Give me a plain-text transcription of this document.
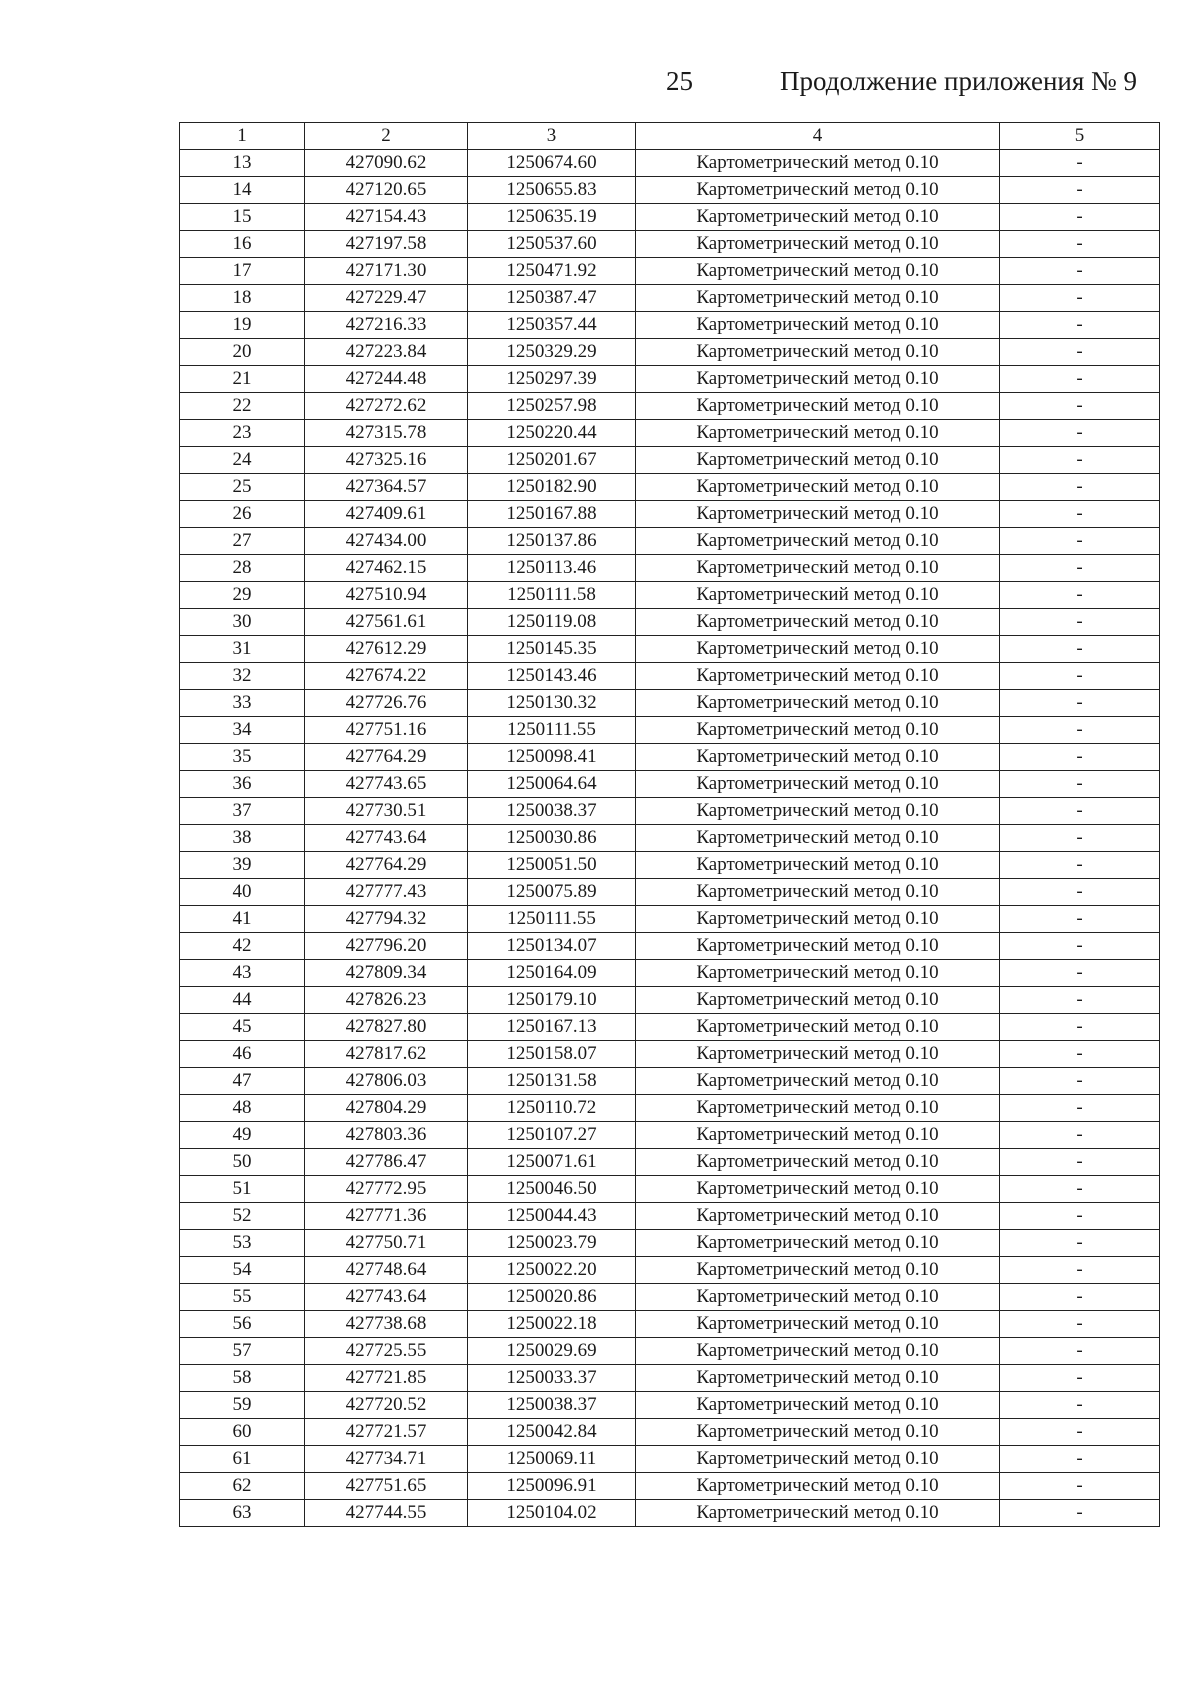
25	Продолжение приложения № 9
1	2	3	4	5
13	427090.62	1250674.60	Картометрический метод 0.10	-
14	427120.65	1250655.83	Картометрический метод 0.10	-
15	427154.43	1250635.19	Картометрический метод 0.10	-
16	427197.58	1250537.60	Картометрический метод 0.10	-
17	427171.30	1250471.92	Картометрический метод 0.10	-
18	427229.47	1250387.47	Картометрический метод 0.10	-
19	427216.33	1250357.44	Картометрический метод 0.10	-
20	427223.84	1250329.29	Картометрический метод 0.10	-
21	427244.48	1250297.39	Картометрический метод 0.10	-
22	427272.62	1250257.98	Картометрический метод 0.10	-
23	427315.78	1250220.44	Картометрический метод 0.10	-
24	427325.16	1250201.67	Картометрический метод 0.10	-
25	427364.57	1250182.90	Картометрический метод 0.10	-
26	427409.61	1250167.88	Картометрический метод 0.10	-
27	427434.00	1250137.86	Картометрический метод 0.10	-
28	427462.15	1250113.46	Картометрический метод 0.10	-
29	427510.94	1250111.58	Картометрический метод 0.10	-
30	427561.61	1250119.08	Картометрический метод 0.10	-
31	427612.29	1250145.35	Картометрический метод 0.10	-
32	427674.22	1250143.46	Картометрический метод 0.10	-
33	427726.76	1250130.32	Картометрический метод 0.10	-
34	427751.16	1250111.55	Картометрический метод 0.10	-
35	427764.29	1250098.41	Картометрический метод 0.10	-
36	427743.65	1250064.64	Картометрический метод 0.10	-
37	427730.51	1250038.37	Картометрический метод 0.10	-
38	427743.64	1250030.86	Картометрический метод 0.10	-
39	427764.29	1250051.50	Картометрический метод 0.10	-
40	427777.43	1250075.89	Картометрический метод 0.10	-
41	427794.32	1250111.55	Картометрический метод 0.10	-
42	427796.20	1250134.07	Картометрический метод 0.10	-
43	427809.34	1250164.09	Картометрический метод 0.10	-
44	427826.23	1250179.10	Картометрический метод 0.10	-
45	427827.80	1250167.13	Картометрический метод 0.10	-
46	427817.62	1250158.07	Картометрический метод 0.10	-
47	427806.03	1250131.58	Картометрический метод 0.10	-
48	427804.29	1250110.72	Картометрический метод 0.10	-
49	427803.36	1250107.27	Картометрический метод 0.10	-
50	427786.47	1250071.61	Картометрический метод 0.10	-
51	427772.95	1250046.50	Картометрический метод 0.10	-
52	427771.36	1250044.43	Картометрический метод 0.10	-
53	427750.71	1250023.79	Картометрический метод 0.10	-
54	427748.64	1250022.20	Картометрический метод 0.10	-
55	427743.64	1250020.86	Картометрический метод 0.10	-
56	427738.68	1250022.18	Картометрический метод 0.10	-
57	427725.55	1250029.69	Картометрический метод 0.10	-
58	427721.85	1250033.37	Картометрический метод 0.10	-
59	427720.52	1250038.37	Картометрический метод 0.10	-
60	427721.57	1250042.84	Картометрический метод 0.10	-
61	427734.71	1250069.11	Картометрический метод 0.10	-
62	427751.65	1250096.91	Картометрический метод 0.10	-
63	427744.55	1250104.02	Картометрический метод 0.10	-
